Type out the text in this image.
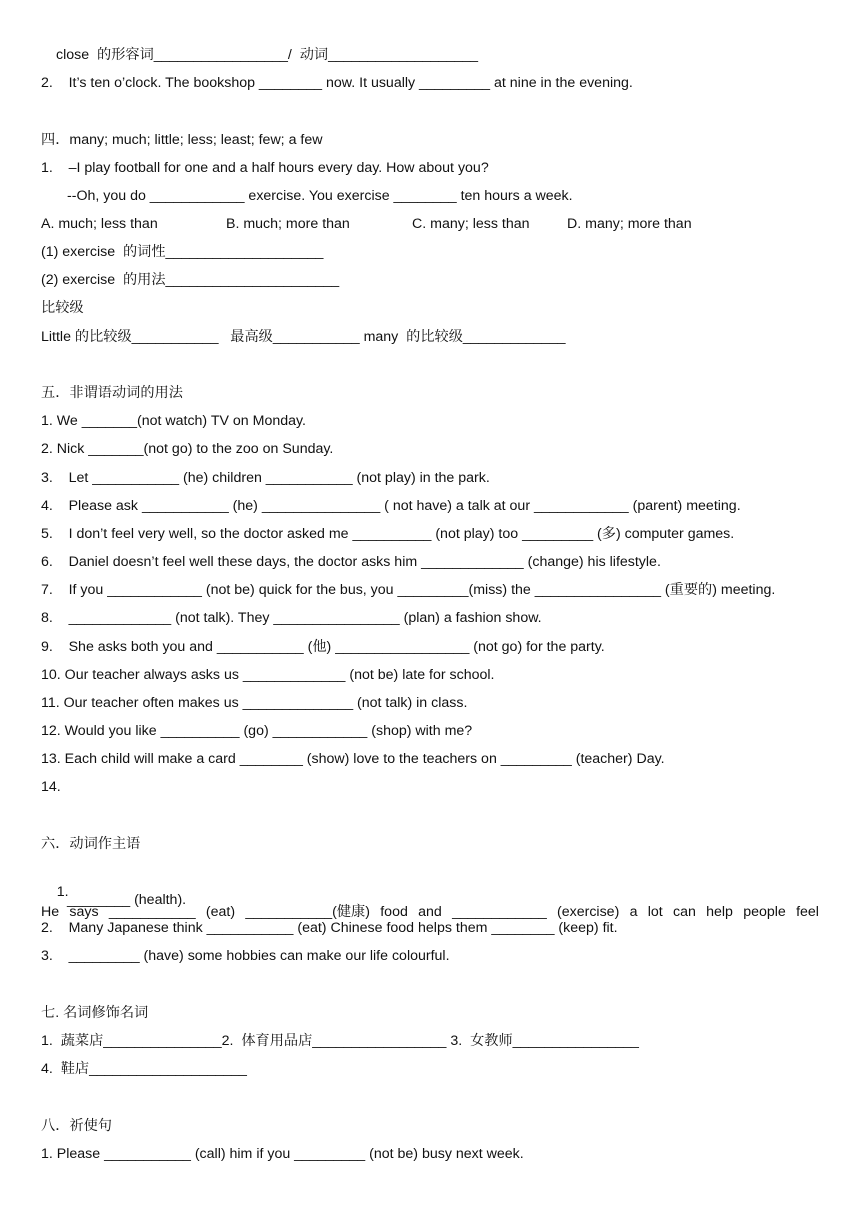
close  的形容词_________________/  动词___________________
2.    It’s ten o’clock. The bookshop ________ now. It usually _________ at nine in the evening.
四．many; much; little; less; least; few; a few
1.    –I play football for one and a half hours every day. How about you?
--Oh, you do ____________ exercise. You exercise ________ ten hours a week.

A. much; less than

	B. much; more than

	C. many; less than

	D. many; more than

(1) exercise  的词性____________________
(2) exercise  的用法______________________
比较级
Little 的比较级___________   最高级___________ many  的比较级_____________
五．非谓语动词的用法
1. We _______(not watch) TV on Monday.
2. Nick _______(not go) to the zoo on Sunday.
3.    Let ___________ (he) children ___________ (not play) in the park.
4.    Please ask ___________ (he) _______________ ( not have) a talk at our ____________ (parent) meeting.
5.    I don’t feel very well, so the doctor asked me __________ (not play) too _________ (多) computer games.
6.    Daniel doesn’t feel well these days, the doctor asks him _____________ (change) his lifestyle.
7.    If you ____________ (not be) quick for the bus, you _________(miss) the ________________ (重要的) meeting.
8.    _____________ (not talk). They ________________ (plan) a fashion show.
9.    She asks both you and ___________ (他) _________________ (not go) for the party.
10. Our teacher always asks us _____________ (not be) late for school.
11. Our teacher often makes us ______________ (not talk) in class.
12. Would you like __________ (go) ____________ (shop) with me?
13. Each child will make a card ________ (show) love to the teachers on _________ (teacher) Day.
14.
六．动词作主语

1.
He says ___________ (eat) ___________(健康) food and ____________ (exercise) a lot can help people feel

________ (health).
2.    Many Japanese think ___________ (eat) Chinese food helps them ________ (keep) fit.
3.    _________ (have) some hobbies can make our life colourful.
七. 名词修饰名词
1.  蔬菜店_______________2.  体育用品店_________________ 3.  女教师________________
4.  鞋店____________________
八．祈使句
1. Please ___________ (call) him if you _________ (not be) busy next week.
